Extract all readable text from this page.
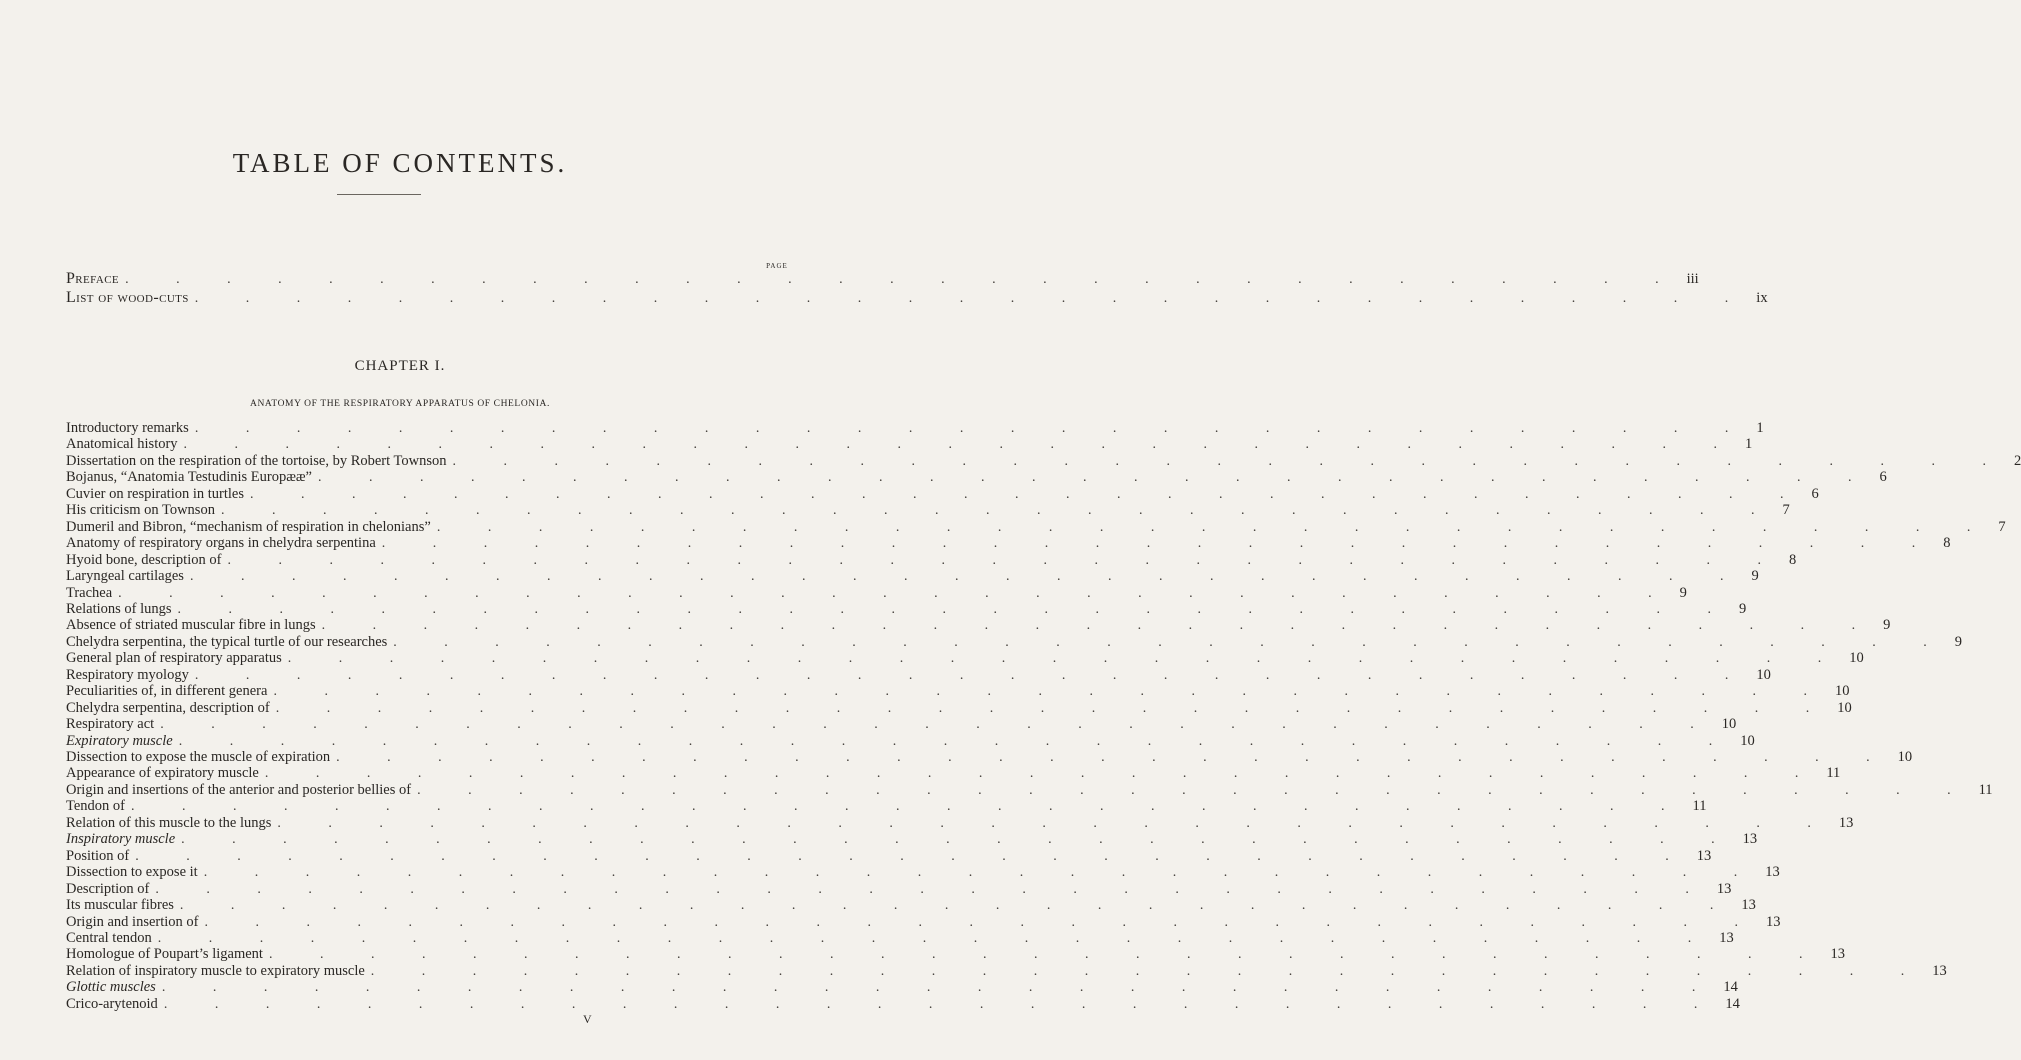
TABLE OF CONTENTS.
PAGE
Preface . . . . . . . . . . . . . . . . . . . . . . . . . . . . . . . iii
List of wood-cuts . . . . . . . . . . . . . . . . . . . . . . . . . . . . . . . ix
CHAPTER I.
ANATOMY OF THE RESPIRATORY APPARATUS OF CHELONIA.
Introductory remarks . . . . . . . . . . . . . . . . . . . . . . . . . . . . . . . 1
Anatomical history . . . . . . . . . . . . . . . . . . . . . . . . . . . . . . . 1
Dissertation on the respiration of the tortoise, by Robert Townson . . . . . . . . . . . . . . . . . . . . . . . . . . . . . . . 2
Bojanus, “Anatomia Testudinis Europææ” . . . . . . . . . . . . . . . . . . . . . . . . . . . . . . . 6
Cuvier on respiration in turtles . . . . . . . . . . . . . . . . . . . . . . . . . . . . . . . 6
His criticism on Townson . . . . . . . . . . . . . . . . . . . . . . . . . . . . . . . 7
Dumeril and Bibron, “mechanism of respiration in chelonians” . . . . . . . . . . . . . . . . . . . . . . . . . . . . . . . 7
Anatomy of respiratory organs in chelydra serpentina . . . . . . . . . . . . . . . . . . . . . . . . . . . . . . . 8
Hyoid bone, description of . . . . . . . . . . . . . . . . . . . . . . . . . . . . . . . 8
Laryngeal cartilages . . . . . . . . . . . . . . . . . . . . . . . . . . . . . . . 9
Trachea . . . . . . . . . . . . . . . . . . . . . . . . . . . . . . . 9
Relations of lungs . . . . . . . . . . . . . . . . . . . . . . . . . . . . . . . 9
Absence of striated muscular fibre in lungs . . . . . . . . . . . . . . . . . . . . . . . . . . . . . . . 9
Chelydra serpentina, the typical turtle of our researches . . . . . . . . . . . . . . . . . . . . . . . . . . . . . . . 9
General plan of respiratory apparatus . . . . . . . . . . . . . . . . . . . . . . . . . . . . . . . 10
Respiratory myology . . . . . . . . . . . . . . . . . . . . . . . . . . . . . . . 10
Peculiarities of, in different genera . . . . . . . . . . . . . . . . . . . . . . . . . . . . . . . 10
Chelydra serpentina, description of . . . . . . . . . . . . . . . . . . . . . . . . . . . . . . . 10
Respiratory act . . . . . . . . . . . . . . . . . . . . . . . . . . . . . . . 10
Expiratory muscle . . . . . . . . . . . . . . . . . . . . . . . . . . . . . . . 10
Dissection to expose the muscle of expiration . . . . . . . . . . . . . . . . . . . . . . . . . . . . . . . 10
Appearance of expiratory muscle . . . . . . . . . . . . . . . . . . . . . . . . . . . . . . . 11
Origin and insertions of the anterior and posterior bellies of . . . . . . . . . . . . . . . . . . . . . . . . . . . . . . . 11
Tendon of . . . . . . . . . . . . . . . . . . . . . . . . . . . . . . . 11
Relation of this muscle to the lungs . . . . . . . . . . . . . . . . . . . . . . . . . . . . . . . 13
Inspiratory muscle . . . . . . . . . . . . . . . . . . . . . . . . . . . . . . . 13
Position of . . . . . . . . . . . . . . . . . . . . . . . . . . . . . . . 13
Dissection to expose it . . . . . . . . . . . . . . . . . . . . . . . . . . . . . . . 13
Description of . . . . . . . . . . . . . . . . . . . . . . . . . . . . . . . 13
Its muscular fibres . . . . . . . . . . . . . . . . . . . . . . . . . . . . . . . 13
Origin and insertion of . . . . . . . . . . . . . . . . . . . . . . . . . . . . . . . 13
Central tendon . . . . . . . . . . . . . . . . . . . . . . . . . . . . . . . 13
Homologue of Poupart’s ligament . . . . . . . . . . . . . . . . . . . . . . . . . . . . . . . 13
Relation of inspiratory muscle to expiratory muscle . . . . . . . . . . . . . . . . . . . . . . . . . . . . . . . 13
Glottic muscles . . . . . . . . . . . . . . . . . . . . . . . . . . . . . . . 14
Crico-arytenoid . . . . . . . . . . . . . . . . . . . . . . . . . . . . . . . 14
V
